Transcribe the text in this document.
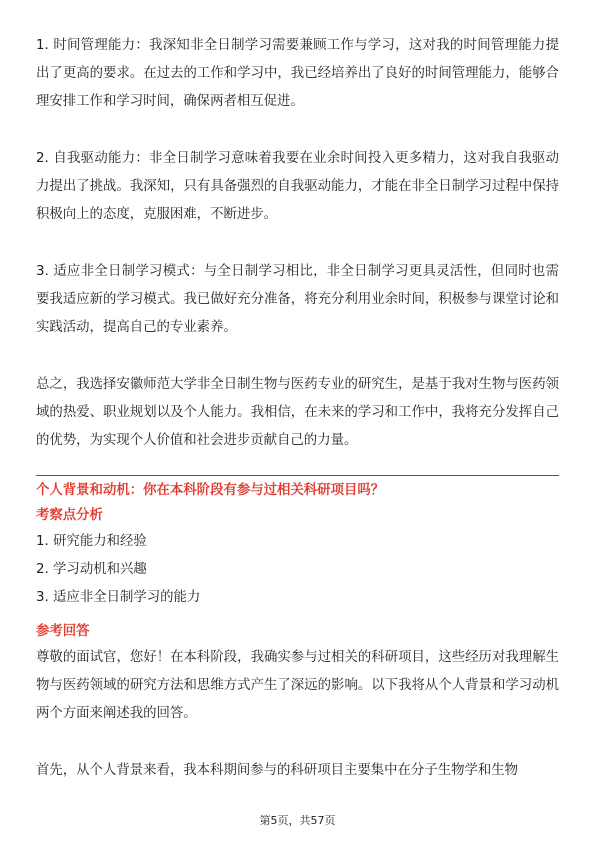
1. 时间管理能力：我深知非全日制学习需要兼顾工作与学习，这对我的时间管理能力提出了更高的要求。在过去的工作和学习中，我已经培养出了良好的时间管理能力，能够合理安排工作和学习时间，确保两者相互促进。

2. 自我驱动能力：非全日制学习意味着我要在业余时间投入更多精力，这对我自我驱动力提出了挑战。我深知，只有具备强烈的自我驱动能力，才能在非全日制学习过程中保持积极向上的态度，克服困难，不断进步。

3. 适应非全日制学习模式：与全日制学习相比，非全日制学习更具灵活性，但同时也需要我适应新的学习模式。我已做好充分准备，将充分利用业余时间，积极参与课堂讨论和实践活动，提高自己的专业素养。

总之，我选择安徽师范大学非全日制生物与医药专业的研究生，是基于我对生物与医药领域的热爱、职业规划以及个人能力。我相信，在未来的学习和工作中，我将充分发挥自己的优势，为实现个人价值和社会进步贡献自己的力量。

个人背景和动机：你在本科阶段有参与过相关科研项目吗？
考察点分析
1. 研究能力和经验
2. 学习动机和兴趣
3. 适应非全日制学习的能力
参考回答

尊敬的面试官，您好！在本科阶段，我确实参与过相关的科研项目，这些经历对我理解生物与医药领域的研究方法和思维方式产生了深远的影响。以下我将从个人背景和学习动机两个方面来阐述我的回答。

首先，从个人背景来看，我本科期间参与的科研项目主要集中在分子生物学和生物

第5页，共57页
